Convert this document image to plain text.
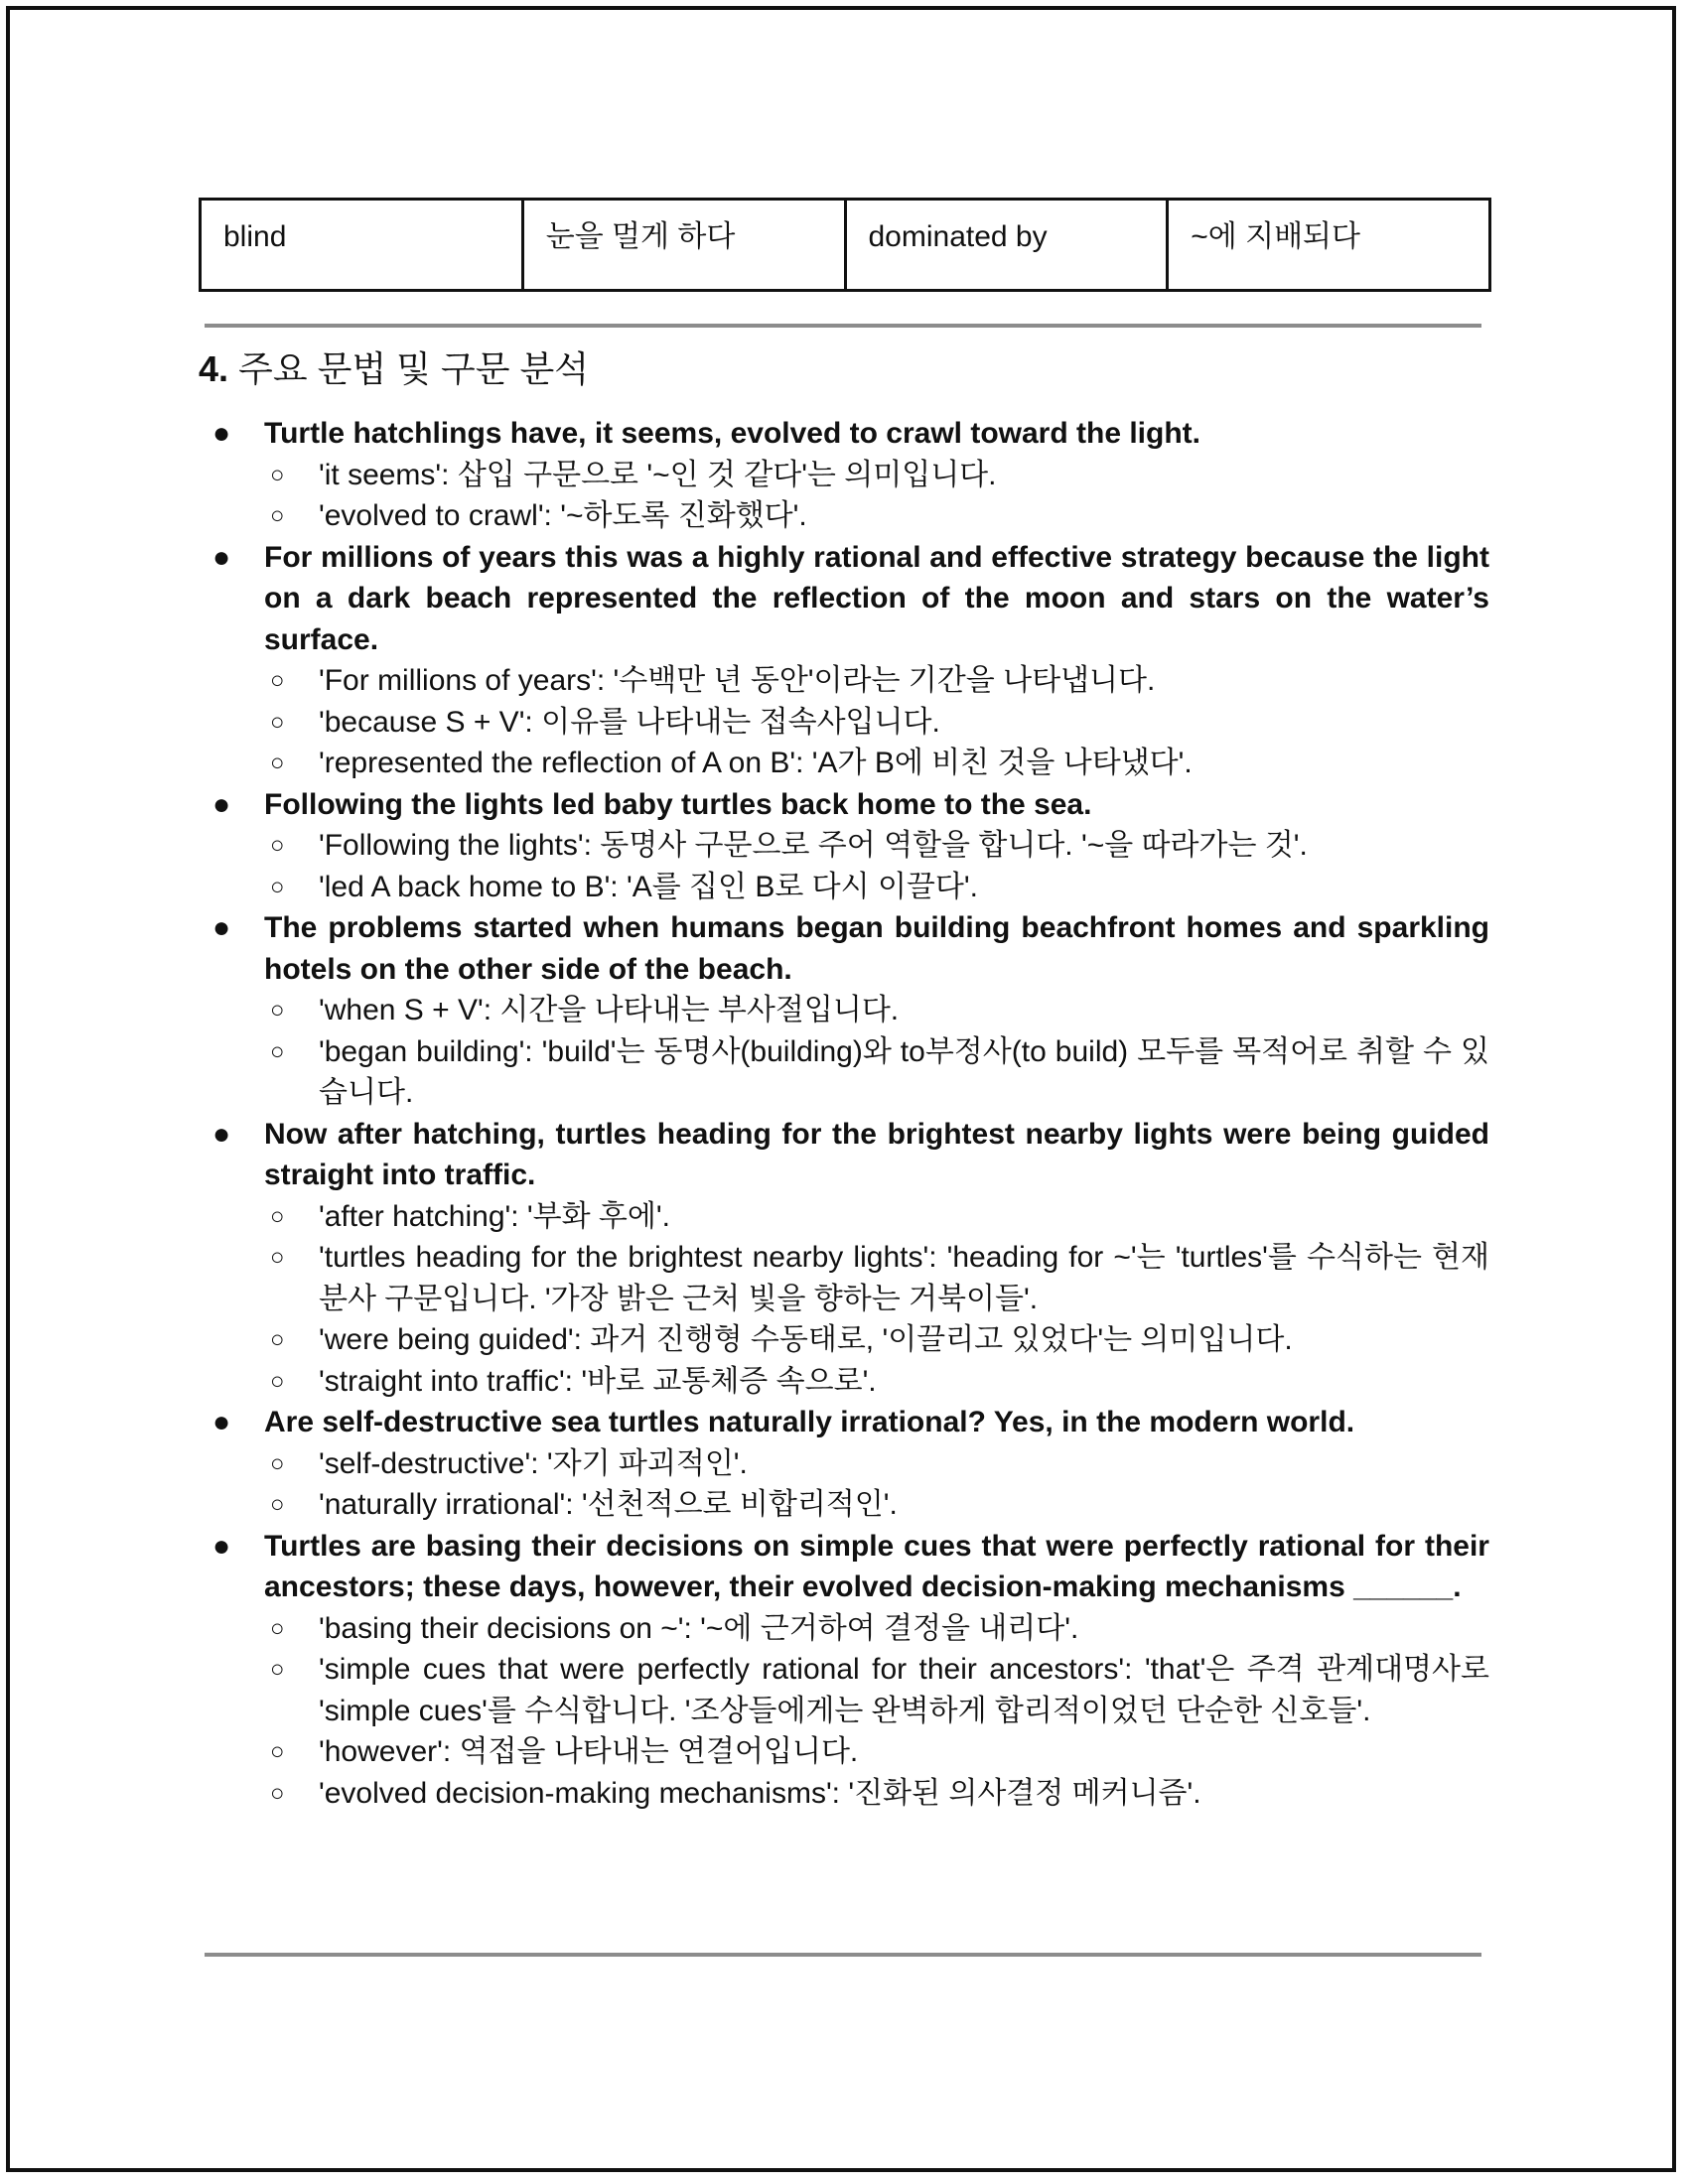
blind	눈을 멀게 하다	dominated by	~에 지배되다
4. 주요 문법 및 구문 분석
● Turtle hatchlings have, it seems, evolved to crawl toward the light.
○ 'it seems': 삽입 구문으로 '~인 것 같다'는 의미입니다.
○ 'evolved to crawl': '~하도록 진화했다'.
● For millions of years this was a highly rational and effective strategy because the light on a dark beach represented the reflection of the moon and stars on the water’s surface.
○ 'For millions of years': '수백만 년 동안'이라는 기간을 나타냅니다.
○ 'because S + V': 이유를 나타내는 접속사입니다.
○ 'represented the reflection of A on B': 'A가 B에 비친 것을 나타냈다'.
● Following the lights led baby turtles back home to the sea.
○ 'Following the lights': 동명사 구문으로 주어 역할을 합니다. '~을 따라가는 것'.
○ 'led A back home to B': 'A를 집인 B로 다시 이끌다'.
● The problems started when humans began building beachfront homes and sparkling hotels on the other side of the beach.
○ 'when S + V': 시간을 나타내는 부사절입니다.
○ 'began building': 'build'는 동명사(building)와 to부정사(to build) 모두를 목적어로 취할 수 있습니다.
● Now after hatching, turtles heading for the brightest nearby lights were being guided straight into traffic.
○ 'after hatching': '부화 후에'.
○ 'turtles heading for the brightest nearby lights': 'heading for ~'는 'turtles'를 수식하는 현재분사 구문입니다. '가장 밝은 근처 빛을 향하는 거북이들'.
○ 'were being guided': 과거 진행형 수동태로, '이끌리고 있었다'는 의미입니다.
○ 'straight into traffic': '바로 교통체증 속으로'.
● Are self-destructive sea turtles naturally irrational? Yes, in the modern world.
○ 'self-destructive': '자기 파괴적인'.
○ 'naturally irrational': '선천적으로 비합리적인'.
● Turtles are basing their decisions on simple cues that were perfectly rational for their ancestors; these days, however, their evolved decision-making mechanisms ______.
○ 'basing their decisions on ~': '~에 근거하여 결정을 내리다'.
○ 'simple cues that were perfectly rational for their ancestors': 'that'은 주격 관계대명사로 'simple cues'를 수식합니다. '조상들에게는 완벽하게 합리적이었던 단순한 신호들'.
○ 'however': 역접을 나타내는 연결어입니다.
○ 'evolved decision-making mechanisms': '진화된 의사결정 메커니즘'.
